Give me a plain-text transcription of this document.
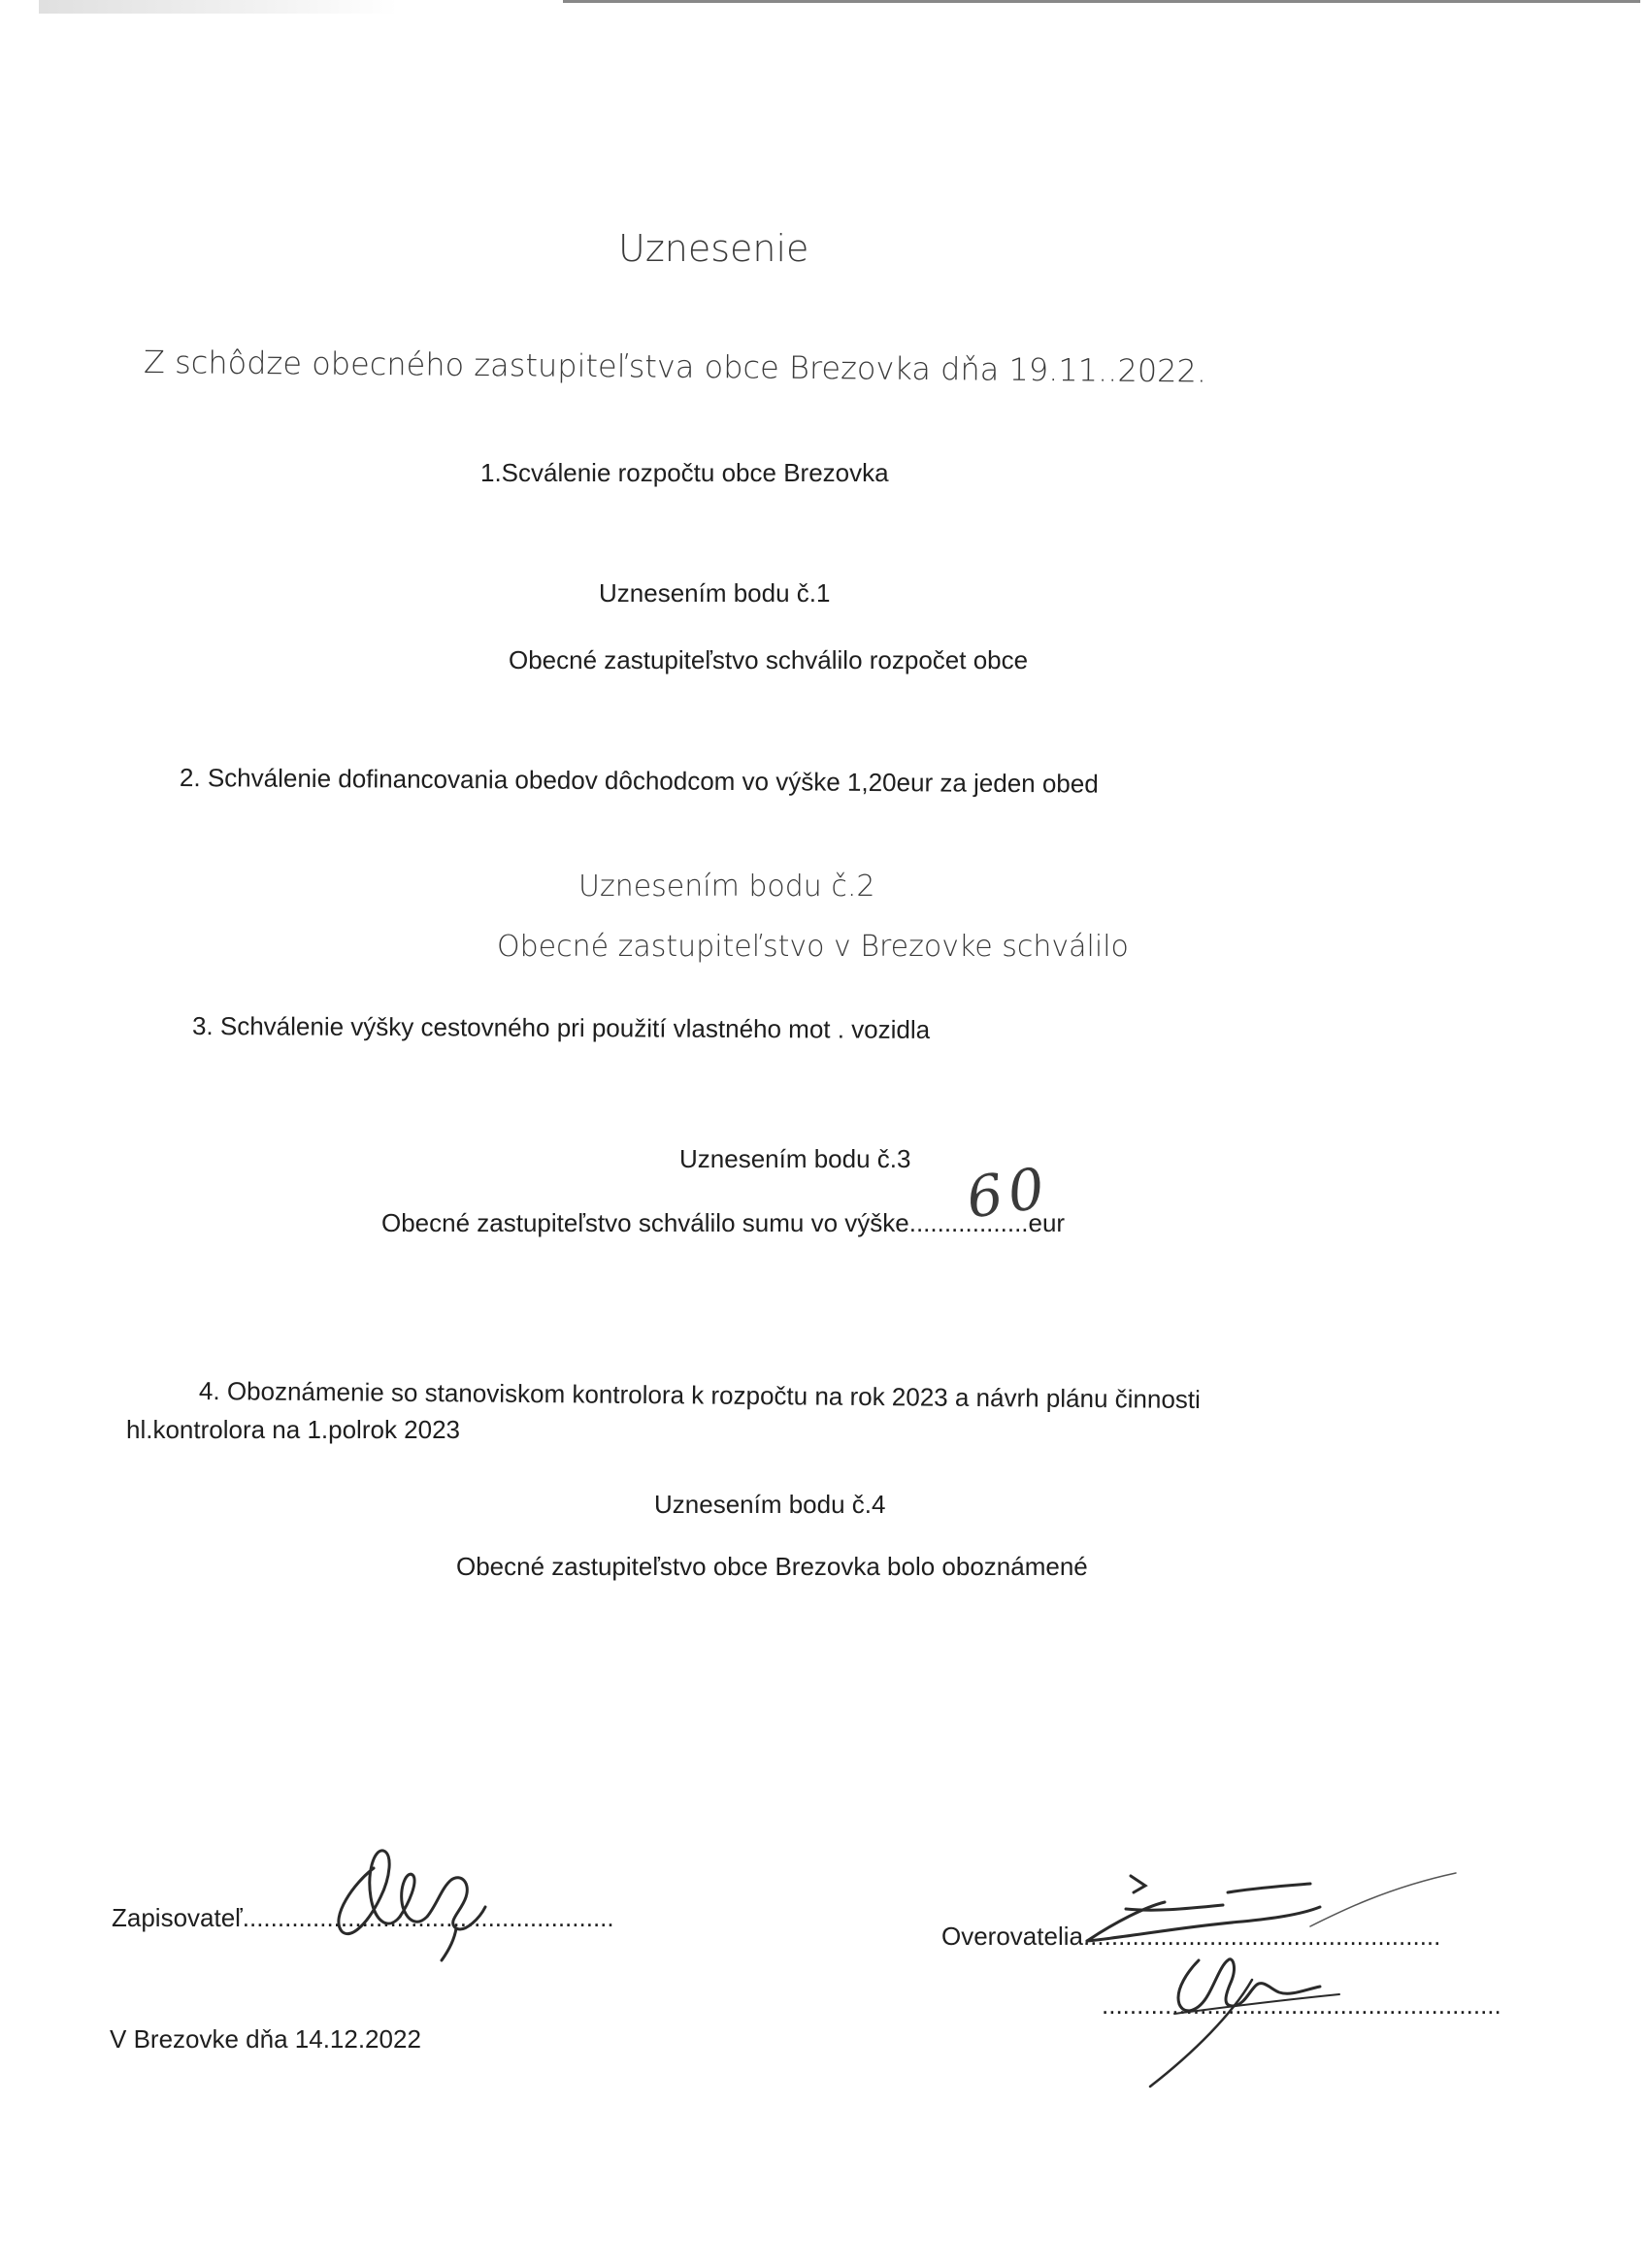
Uznesenie
Z schôdze obecného zastupiteľstva obce Brezovka dňa 19.11..2022.
1.Scválenie rozpočtu obce Brezovka
Uznesením bodu č.1
Obecné zastupiteľstvo schválilo rozpočet obce
2. Schválenie dofinancovania obedov dôchodcom vo výške 1,20eur za jeden obed
Uznesením bodu č.2
Obecné zastupiteľstvo v Brezovke schválilo
3. Schválenie výšky cestovného pri použití vlastného mot . vozidla
Uznesením bodu č.3
Obecné zastupiteľstvo schválilo sumu vo výške.................eur
60
4. Oboznámenie so stanoviskom kontrolora k rozpočtu na rok 2023 a návrh plánu činnosti
hl.kontrolora na 1.polrok 2023
Uznesením bodu č.4
Obecné zastupiteľstvo obce Brezovka bolo oboznámené
Zapisovateľ.....................................................
Overovatelia...................................................
.........................................................
V Brezovke dňa 14.12.2022
